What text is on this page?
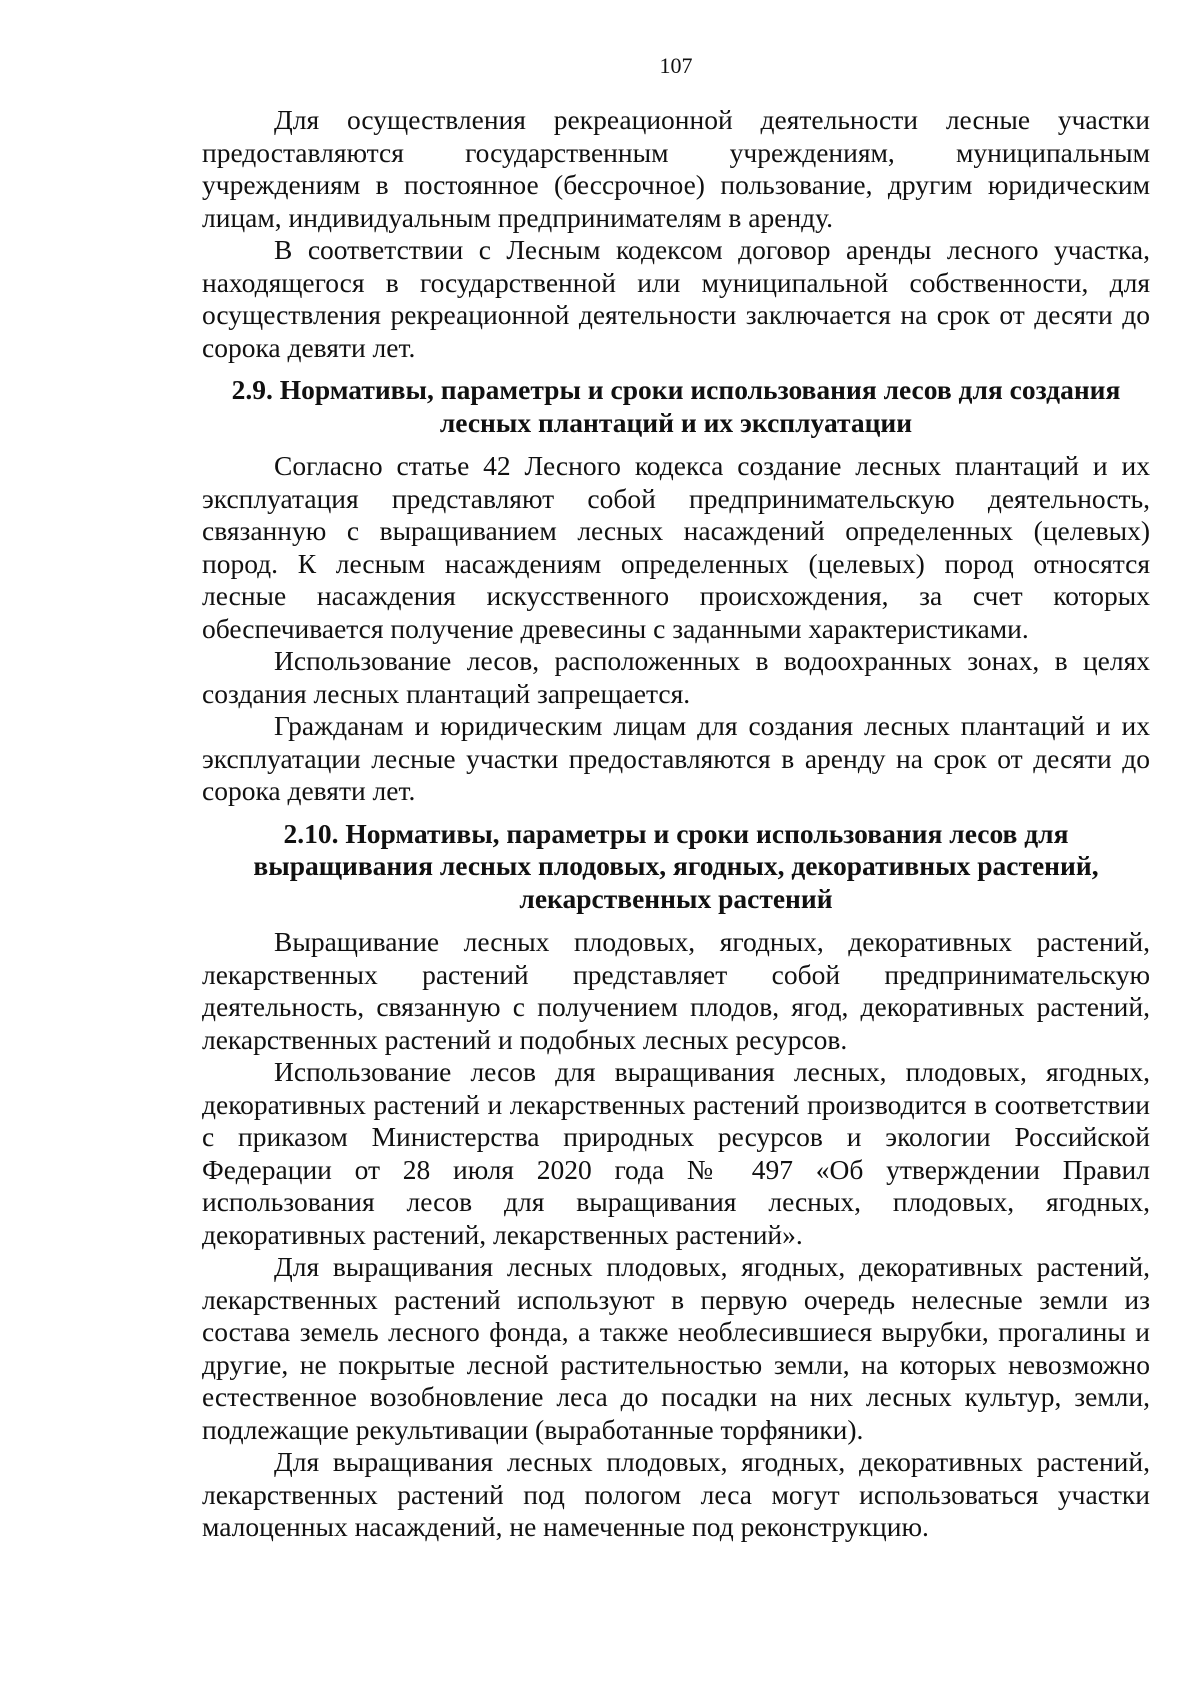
107

Для осуществления рекреационной деятельности лесные участки предоставляются государственным учреждениям, муниципальным учреждениям в постоянное (бессрочное) пользование, другим юридическим лицам, индивидуальным предпринимателям в аренду.

В соответствии с Лесным кодексом договор аренды лесного участка, находящегося в государственной или муниципальной собственности, для осуществления рекреационной деятельности заключается на срок от десяти до сорока девяти лет.

2.9. Нормативы, параметры и сроки использования лесов для создания лесных плантаций и их эксплуатации

Согласно статье 42 Лесного кодекса создание лесных плантаций и их эксплуатация представляют собой предпринимательскую деятельность, связанную с выращиванием лесных насаждений определенных (целевых) пород. К лесным насаждениям определенных (целевых) пород относятся лесные насаждения искусственного происхождения, за счет которых обеспечивается получение древесины с заданными характеристиками.

Использование лесов, расположенных в водоохранных зонах, в целях создания лесных плантаций запрещается.

Гражданам и юридическим лицам для создания лесных плантаций и их эксплуатации лесные участки предоставляются в аренду на срок от десяти до сорока девяти лет.

2.10. Нормативы, параметры и сроки использования лесов для выращивания лесных плодовых, ягодных, декоративных растений, лекарственных растений

Выращивание лесных плодовых, ягодных, декоративных растений, лекарственных растений представляет собой предпринимательскую деятельность, связанную с получением плодов, ягод, декоративных растений, лекарственных растений и подобных лесных ресурсов.

Использование лесов для выращивания лесных, плодовых, ягодных, декоративных растений и лекарственных растений производится в соответствии с приказом Министерства природных ресурсов и экологии Российской Федерации от 28 июля 2020 года № 497 «Об утверждении Правил использования лесов для выращивания лесных, плодовых, ягодных, декоративных растений, лекарственных растений».

Для выращивания лесных плодовых, ягодных, декоративных растений, лекарственных растений используют в первую очередь нелесные земли из состава земель лесного фонда, а также необлесившиеся вырубки, прогалины и другие, не покрытые лесной растительностью земли, на которых невозможно естественное возобновление леса до посадки на них лесных культур, земли, подлежащие рекультивации (выработанные торфяники).

Для выращивания лесных плодовых, ягодных, декоративных растений, лекарственных растений под пологом леса могут использоваться участки малоценных насаждений, не намеченные под реконструкцию.
